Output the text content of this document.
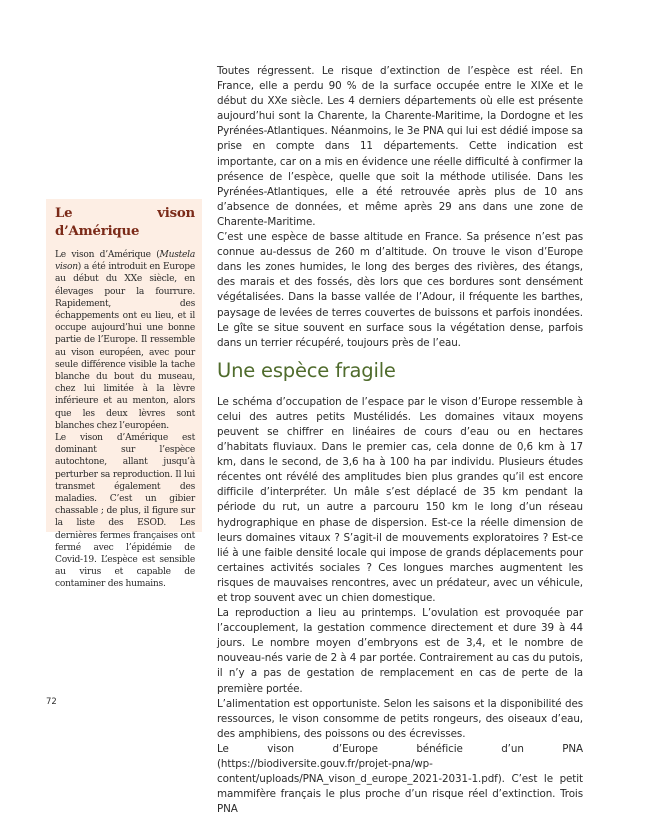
Le vison d’Amérique

Le vison d’Amérique (Mustela vison) a été introduit en Europe au début du XXe siècle, en élevages pour la fourrure. Rapidement, des échappements ont eu lieu, et il occupe aujourd’hui une bonne partie de l’Europe. Il ressemble au vison européen, avec pour seule différence visible la tache blanche du bout du museau, chez lui limitée à la lèvre inférieure et au menton, alors que les deux lèvres sont blanches chez l’européen.

Le vison d’Amérique est dominant sur l’espèce autochtone, allant jusqu’à perturber sa reproduction. Il lui transmet également des maladies. C’est un gibier chassable ; de plus, il figure sur la liste des ESOD. Les dernières fermes françaises ont fermé avec l’épidémie de Covid-19. L’espèce est sensible au virus et capable de contaminer des humains.

Toutes régressent. Le risque d’extinction de l’espèce est réel. En France, elle a perdu 90 % de la surface occupée entre le XIXe et le début du XXe siècle. Les 4 derniers départements où elle est présente aujourd’hui sont la Charente, la Charente-Maritime, la Dordogne et les Pyrénées-Atlantiques. Néanmoins, le 3e PNA qui lui est dédié impose sa prise en compte dans 11 départements. Cette indication est importante, car on a mis en évidence une réelle difficulté à confirmer la présence de l’espèce, quelle que soit la méthode utilisée. Dans les Pyrénées-Atlantiques, elle a été retrouvée après plus de 10 ans d’absence de données, et même après 29 ans dans une zone de Charente-Maritime.

C’est une espèce de basse altitude en France. Sa présence n’est pas connue au-dessus de 260 m d’altitude. On trouve le vison d’Europe dans les zones humides, le long des berges des rivières, des étangs, des marais et des fossés, dès lors que ces bordures sont densément végétalisées. Dans la basse vallée de l’Adour, il fréquente les barthes, paysage de levées de terres couvertes de buissons et parfois inondées. Le gîte se situe souvent en surface sous la végétation dense, parfois dans un terrier récupéré, toujours près de l’eau.

Une espèce fragile

Le schéma d’occupation de l’espace par le vison d’Europe ressemble à celui des autres petits Mustélidés. Les domaines vitaux moyens peuvent se chiffrer en linéaires de cours d’eau ou en hectares d’habitats fluviaux. Dans le premier cas, cela donne de 0,6 km à 17 km, dans le second, de 3,6 ha à 100 ha par individu. Plusieurs études récentes ont révélé des amplitudes bien plus grandes qu’il est encore difficile d’interpréter. Un mâle s’est déplacé de 35 km pendant la période du rut, un autre a parcouru 150 km le long d’un réseau hydrographique en phase de dispersion. Est-ce la réelle dimension de leurs domaines vitaux ? S’agit-il de mouvements exploratoires ? Est-ce lié à une faible densité locale qui impose de grands déplacements pour certaines activités sociales ? Ces longues marches augmentent les risques de mauvaises rencontres, avec un prédateur, avec un véhicule, et trop souvent avec un chien domestique.

La reproduction a lieu au printemps. L’ovulation est provoquée par l’accouplement, la gestation commence directement et dure 39 à 44 jours. Le nombre moyen d’embryons est de 3,4, et le nombre de nouveau-nés varie de 2 à 4 par portée. Contrairement au cas du putois, il n’y a pas de gestation de remplacement en cas de perte de la première portée.

L’alimentation est opportuniste. Selon les saisons et la disponibilité des ressources, le vison consomme de petits rongeurs, des oiseaux d’eau, des amphibiens, des poissons ou des écrevisses.

Le vison d’Europe bénéficie d’un PNA (https://biodiversite.gouv.fr/projet-pna/wp-content/uploads/PNA_vison_d_europe_2021-2031-1.pdf). C’est le petit mammifère français le plus proche d’un risque réel d’extinction. Trois PNA

72
